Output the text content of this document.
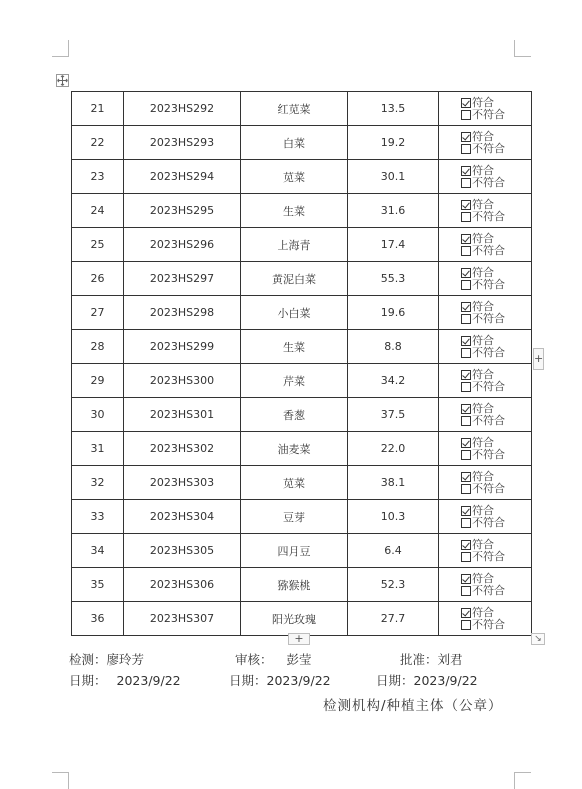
21	2023HS292	红苋菜	13.5	符合
不符合

22	2023HS293	白菜	19.2	符合
不符合

23	2023HS294	苋菜	30.1	符合
不符合

24	2023HS295	生菜	31.6	符合
不符合

25	2023HS296	上海青	17.4	符合
不符合

26	2023HS297	黄泥白菜	55.3	符合
不符合

27	2023HS298	小白菜	19.6	符合
不符合

28	2023HS299	生菜	8.8	符合
不符合

29	2023HS300	芹菜	34.2	符合
不符合

30	2023HS301	香葱	37.5	符合
不符合

31	2023HS302	油麦菜	22.0	符合
不符合

32	2023HS303	苋菜	38.1	符合
不符合

33	2023HS304	豆芽	10.3	符合
不符合

34	2023HS305	四月豆	6.4	符合
不符合

35	2023HS306	猕猴桃	52.3	符合
不符合

36	2023HS307	阳光玫瑰	27.7	符合
不符合
+
+	↘
检测：廖玲芳	审核： 彭莹	批准：刘君
日期： 2023/9/22	日期：2023/9/22	日期：2023/9/22
检测机构/种植主体（公章）
